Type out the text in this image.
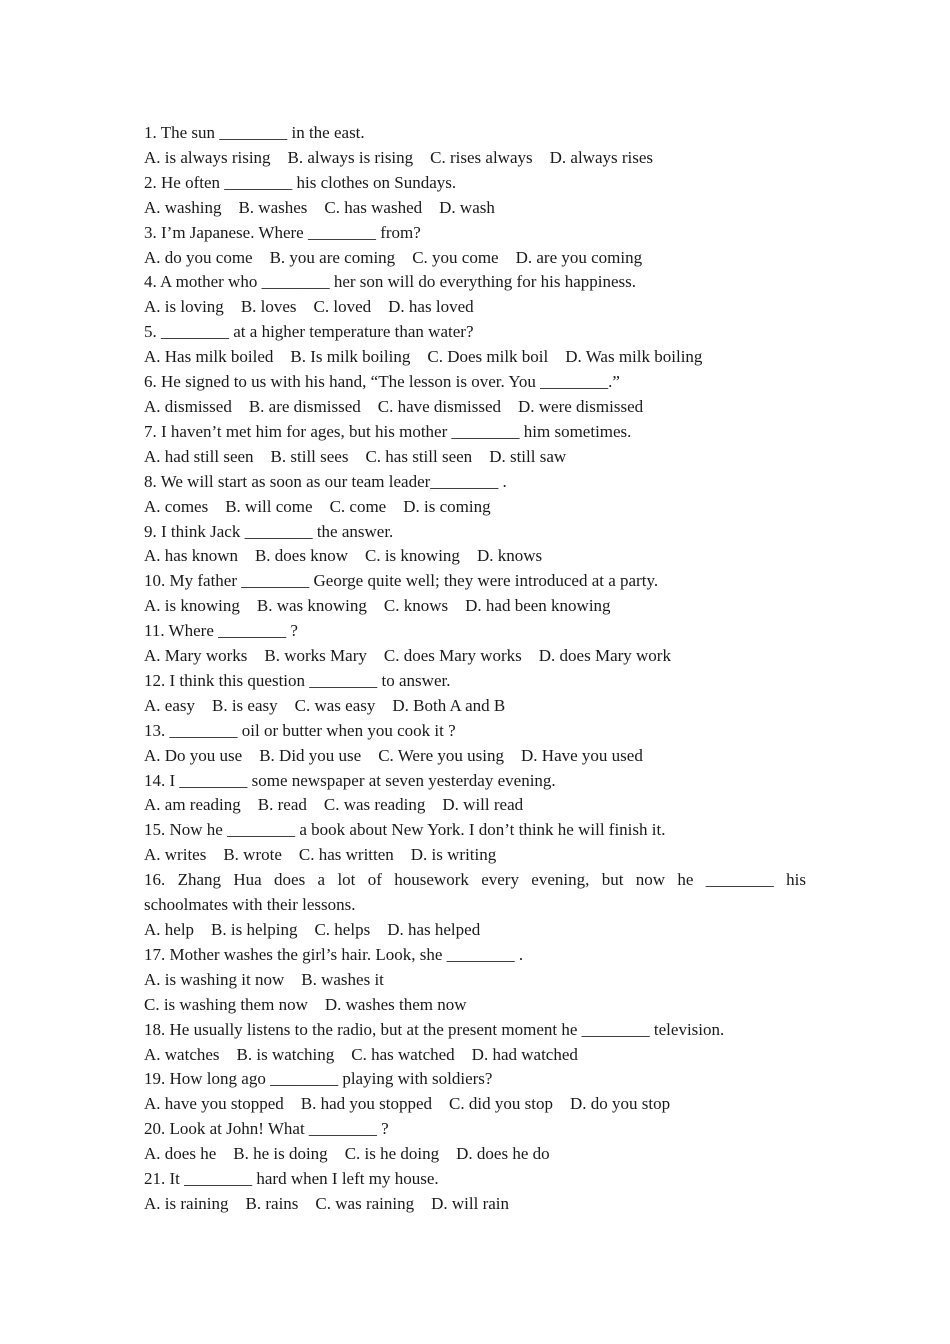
1. The sun ________ in the east.
A. is always rising B. always is rising C. rises always D. always rises
2. He often ________ his clothes on Sundays.
A. washing B. washes C. has washed D. wash
3. I’m Japanese. Where ________ from?
A. do you come B. you are coming C. you come D. are you coming
4. A mother who ________ her son will do everything for his happiness.
A. is loving B. loves C. loved D. has loved
5. ________ at a higher temperature than water?
A. Has milk boiled B. Is milk boiling C. Does milk boil D. Was milk boiling
6. He signed to us with his hand, “The lesson is over. You ________.”
A. dismissed B. are dismissed C. have dismissed D. were dismissed
7. I haven’t met him for ages, but his mother ________ him sometimes.
A. had still seen B. still sees C. has still seen D. still saw
8. We will start as soon as our team leader________ .
A. comes B. will come C. come D. is coming
9. I think Jack ________ the answer.
A. has known B. does know C. is knowing D. knows
10. My father ________ George quite well; they were introduced at a party.
A. is knowing B. was knowing C. knows D. had been knowing
11. Where ________ ?
A. Mary works B. works Mary C. does Mary works D. does Mary work
12. I think this question ________ to answer.
A. easy B. is easy C. was easy D. Both A and B
13. ________ oil or butter when you cook it ?
A. Do you use B. Did you use C. Were you using D. Have you used
14. I ________ some newspaper at seven yesterday evening.
A. am reading B. read C. was reading D. will read
15. Now he ________ a book about New York. I don’t think he will finish it.
A. writes B. wrote C. has written D. is writing
16. Zhang Hua does a lot of housework every evening, but now he ________ his
schoolmates with their lessons.
A. help B. is helping C. helps D. has helped
17. Mother washes the girl’s hair. Look, she ________ .
A. is washing it now B. washes it
C. is washing them now D. washes them now
18. He usually listens to the radio, but at the present moment he ________ television.
A. watches B. is watching C. has watched D. had watched
19. How long ago ________ playing with soldiers?
A. have you stopped B. had you stopped C. did you stop D. do you stop
20. Look at John! What ________ ?
A. does he B. he is doing C. is he doing D. does he do
21. It ________ hard when I left my house.
A. is raining B. rains C. was raining D. will rain
